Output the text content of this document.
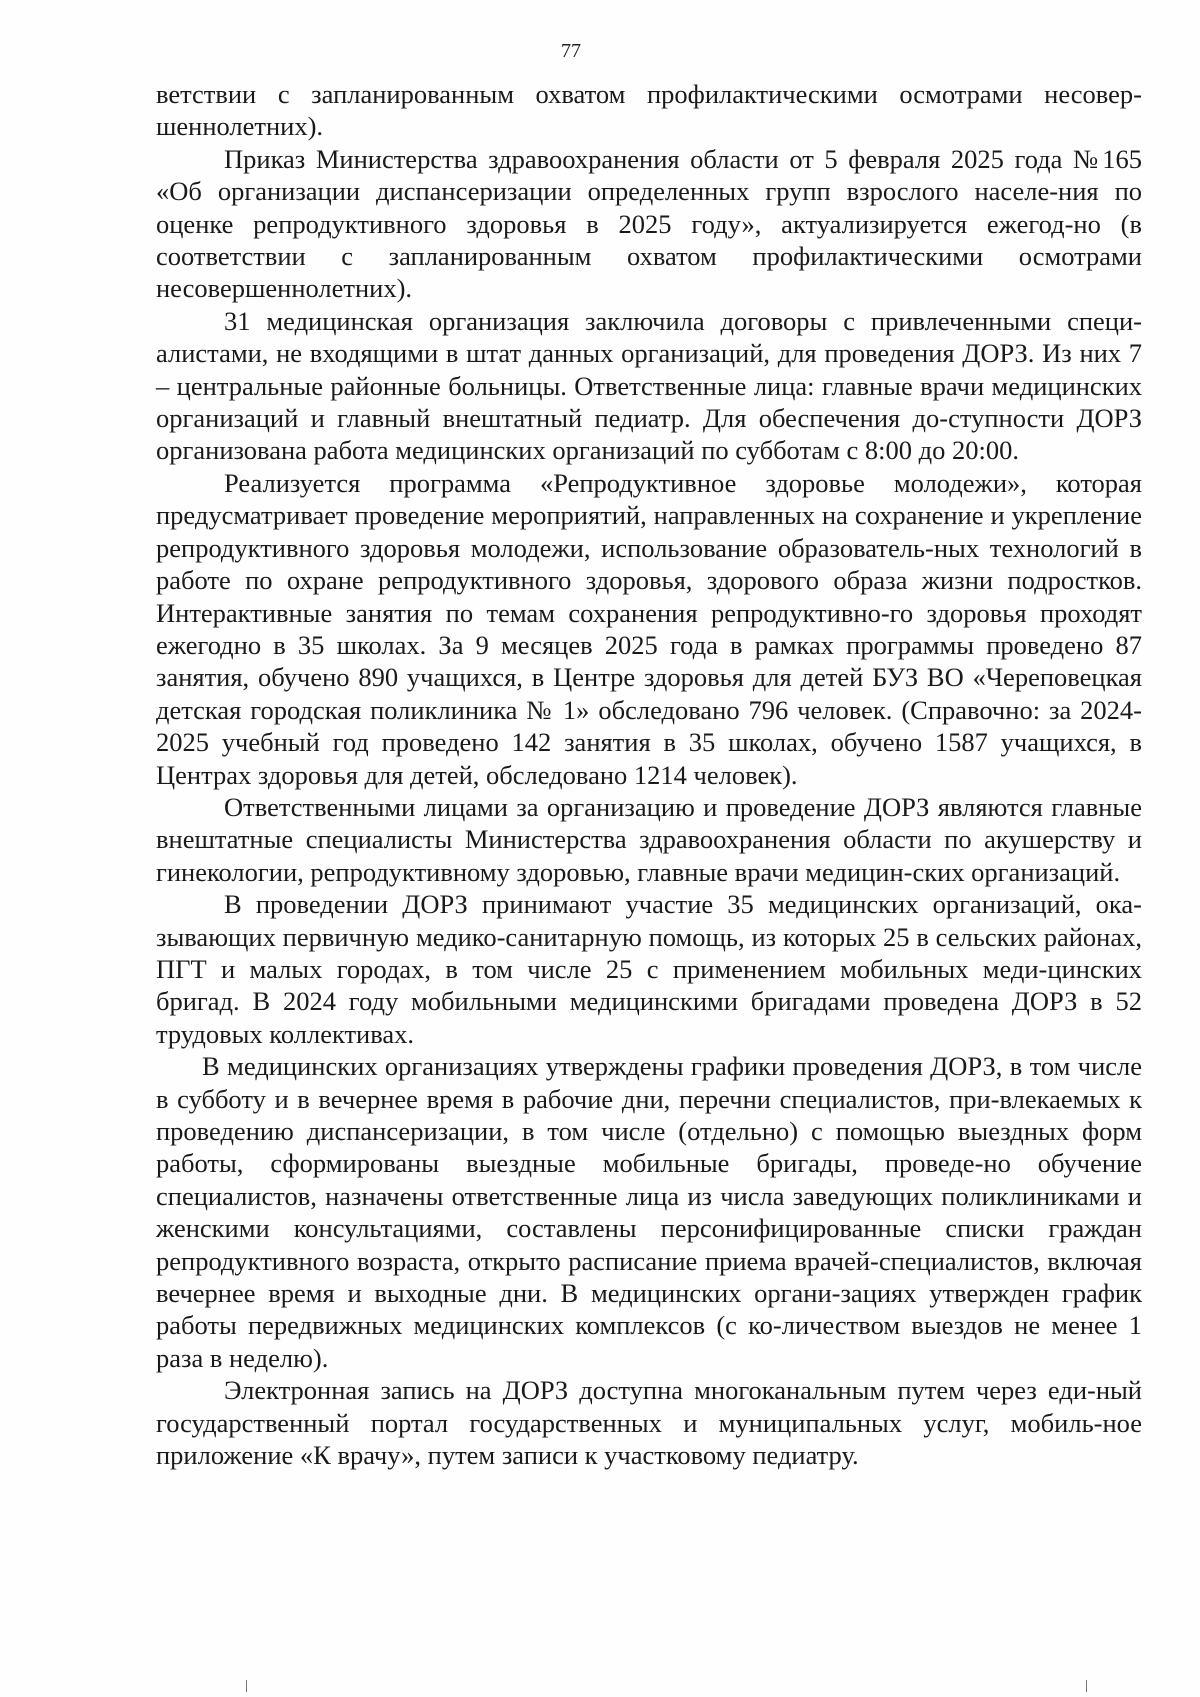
77

ветствии с запланированным охватом профилактическими осмотрами несовер-шеннолетних).

Приказ Министерства здравоохранения области от 5 февраля 2025 года №165 «Об организации диспансеризации определенных групп взрослого населе-ния по оценке репродуктивного здоровья в 2025 году», актуализируется ежегод-но (в соответствии с запланированным охватом профилактическими осмотрами несовершеннолетних).

31 медицинская организация заключила договоры с привлеченными специ-алистами, не входящими в штат данных организаций, для проведения ДОРЗ. Из них 7 – центральные районные больницы. Ответственные лица: главные врачи медицинских организаций и главный внештатный педиатр. Для обеспечения до-ступности ДОРЗ организована работа медицинских организаций по субботам с 8:00 до 20:00.

Реализуется программа «Репродуктивное здоровье молодежи», которая предусматривает проведение мероприятий, направленных на сохранение и укрепление репродуктивного здоровья молодежи, использование образователь-ных технологий в работе по охране репродуктивного здоровья, здорового образа жизни подростков. Интерактивные занятия по темам сохранения репродуктивно-го здоровья проходят ежегодно в 35 школах. За 9 месяцев 2025 года в рамках программы проведено 87 занятия, обучено 890 учащихся, в Центре здоровья для детей БУЗ ВО «Череповецкая детская городская поликлиника № 1» обследовано 796 человек. (Справочно: за 2024-2025 учебный год проведено 142 занятия в 35 школах, обучено 1587 учащихся, в Центрах здоровья для детей, обследовано 1214 человек).

Ответственными лицами за организацию и проведение ДОРЗ являются главные внештатные специалисты Министерства здравоохранения области по акушерству и гинекологии, репродуктивному здоровью, главные врачи медицин-ских организаций.

В проведении ДОРЗ принимают участие 35 медицинских организаций, ока-зывающих первичную медико-санитарную помощь, из которых 25 в сельских районах, ПГТ и малых городах, в том числе 25 с применением мобильных меди-цинских бригад. В 2024 году мобильными медицинскими бригадами проведена ДОРЗ в 52 трудовых коллективах.

В медицинских организациях утверждены графики проведения ДОРЗ, в том числе в субботу и в вечернее время в рабочие дни, перечни специалистов, при-влекаемых к проведению диспансеризации, в том числе (отдельно) с помощью выездных форм работы, сформированы выездные мобильные бригады, проведе-но обучение специалистов, назначены ответственные лица из числа заведующих поликлиниками и женскими консультациями, составлены персонифицированные списки граждан репродуктивного возраста, открыто расписание приема врачей-специалистов, включая вечернее время и выходные дни. В медицинских органи-зациях утвержден график работы передвижных медицинских комплексов (с ко-личеством выездов не менее 1 раза в неделю).

Электронная запись на ДОРЗ доступна многоканальным путем через еди-ный государственный портал государственных и муниципальных услуг, мобиль-ное приложение «К врачу», путем записи к участковому педиатру.
